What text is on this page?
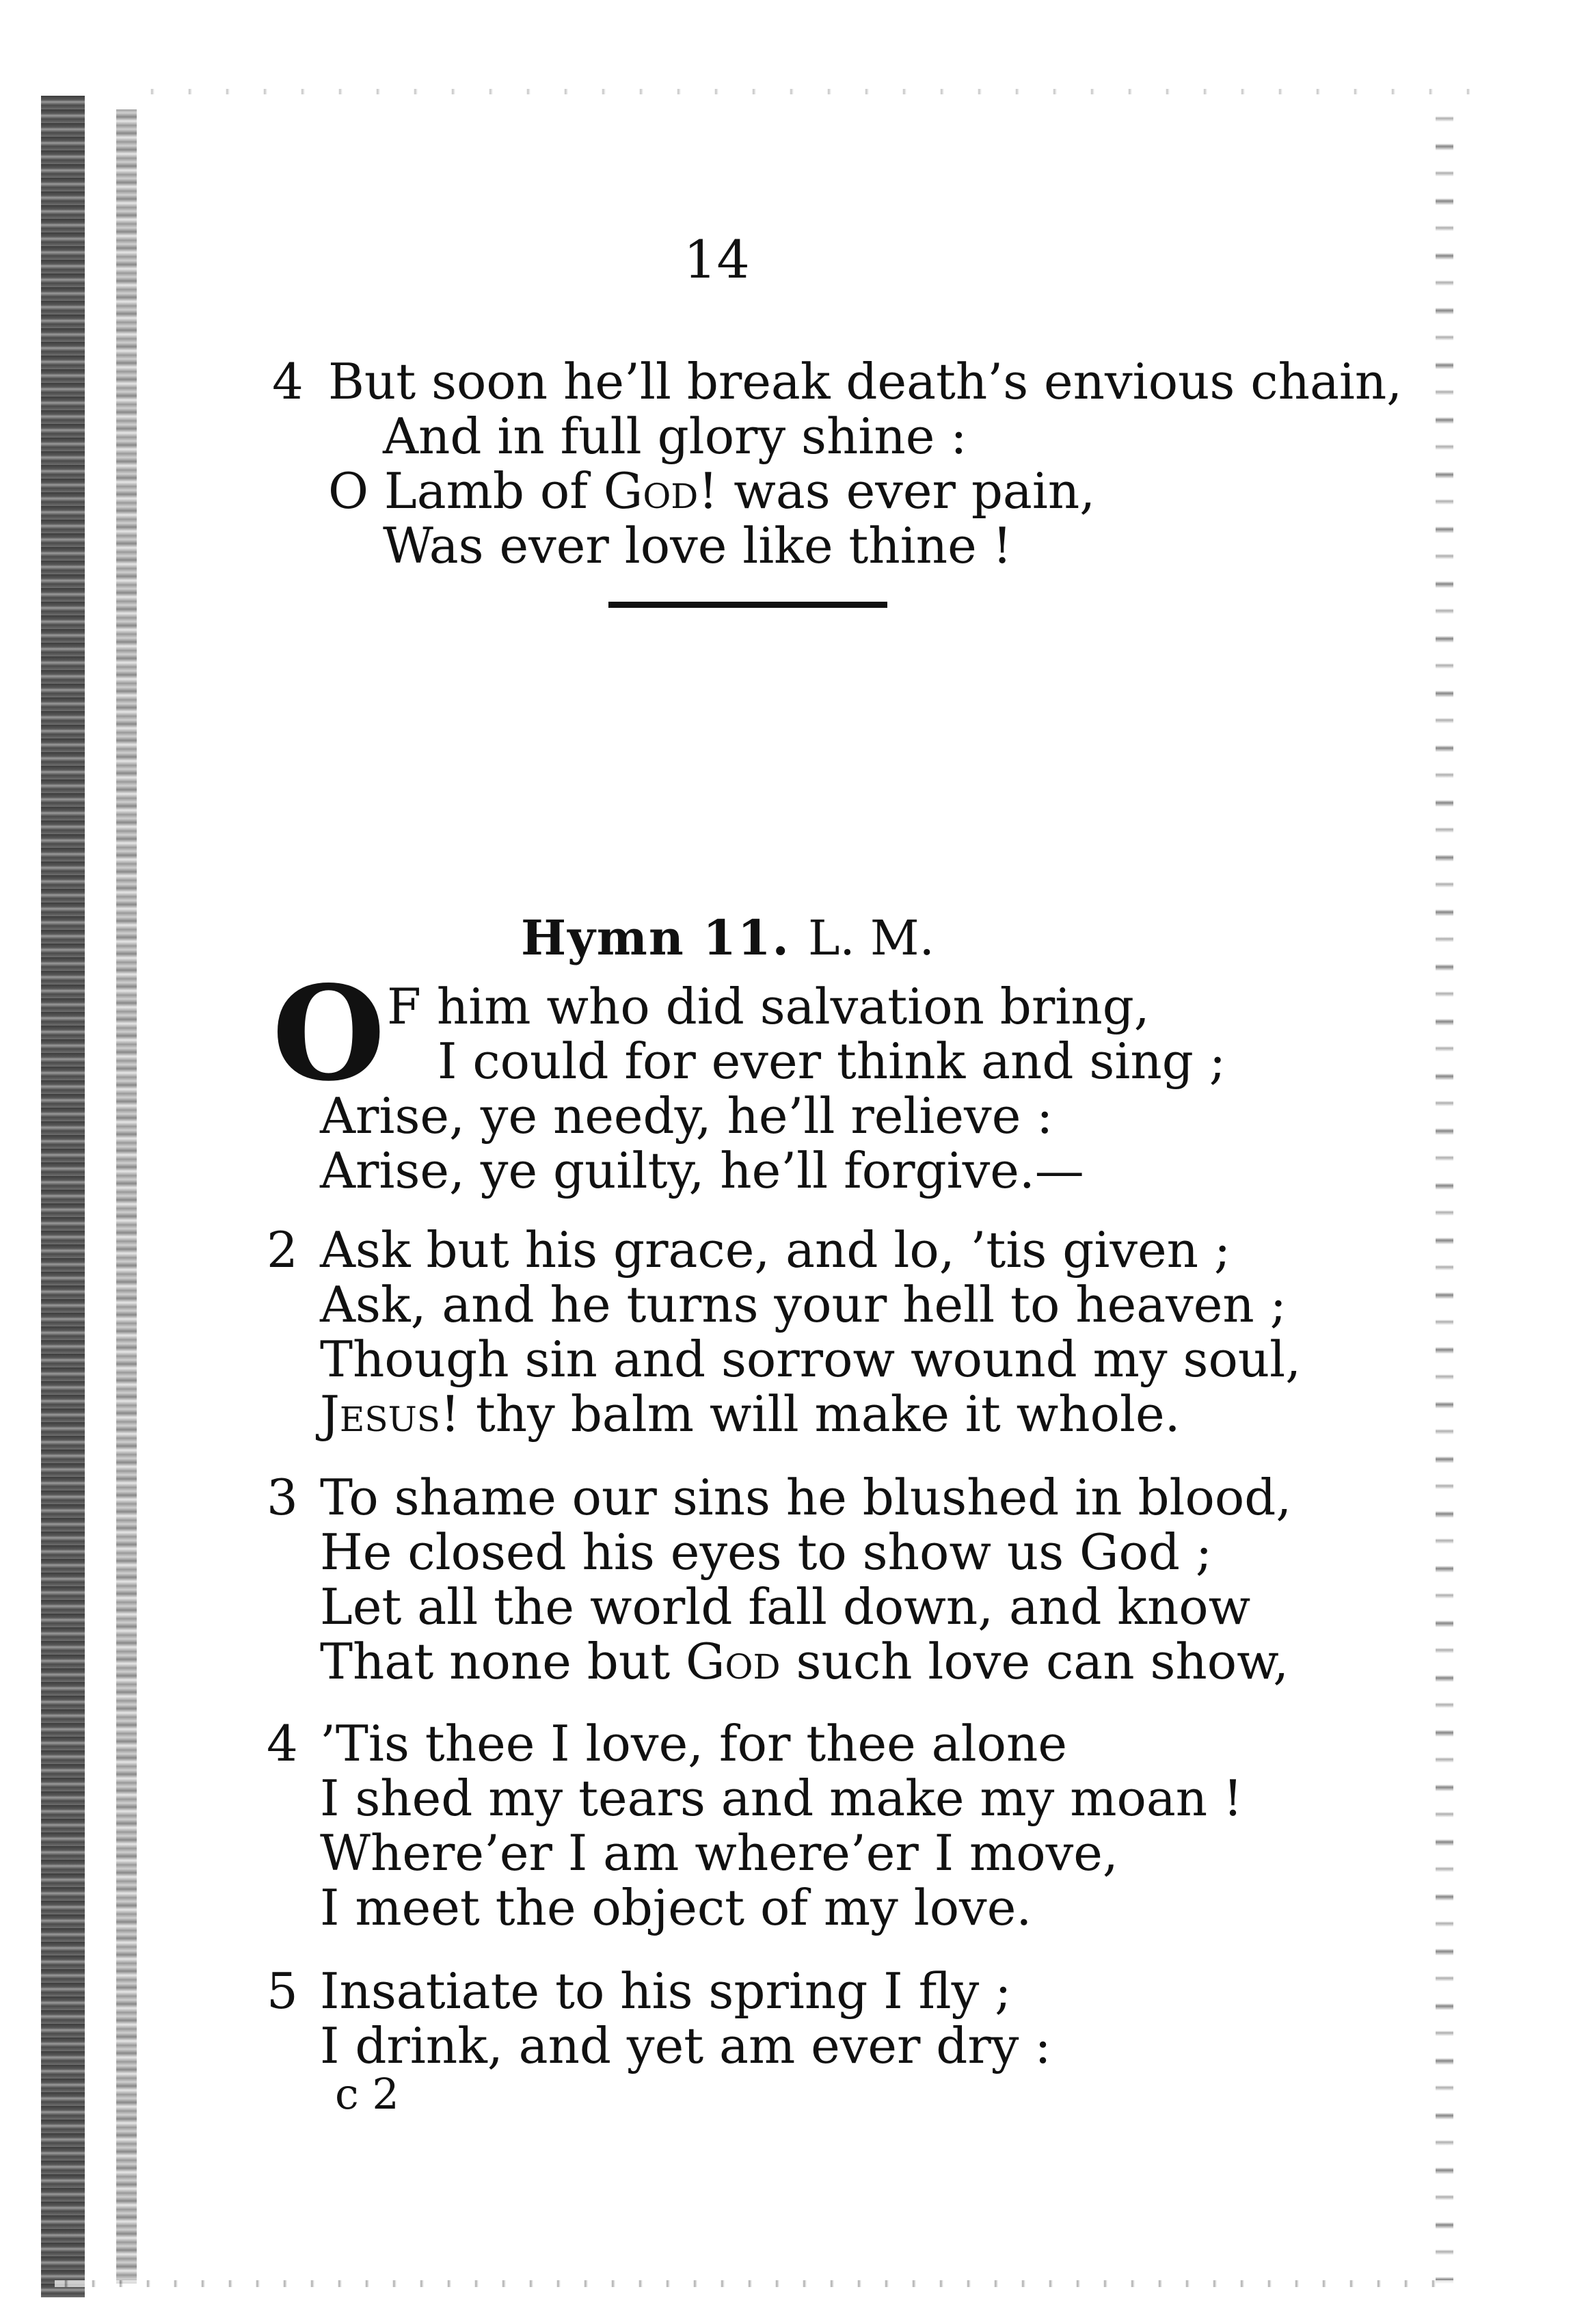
14
4 But soon he’ll break death’s envious chain,
And in full glory shine :
O Lamb of God! was ever pain,
Was ever love like thine !
Hymn 11. L. M.
O F him who did salvation bring,
I could for ever think and sing ;
Arise, ye needy, he’ll relieve :
Arise, ye guilty, he’ll forgive.—
2 Ask but his grace, and lo, ’tis given ;
Ask, and he turns your hell to heaven ;
Though sin and sorrow wound my soul,
Jesus! thy balm will make it whole.
3 To shame our sins he blushed in blood,
He closed his eyes to show us God ;
Let all the world fall down, and know
That none but God such love can show,
4 ’Tis thee I love, for thee alone
I shed my tears and make my moan !
Where’er I am where’er I move,
I meet the object of my love.
5 Insatiate to his spring I fly ;
I drink, and yet am ever dry :
c 2
